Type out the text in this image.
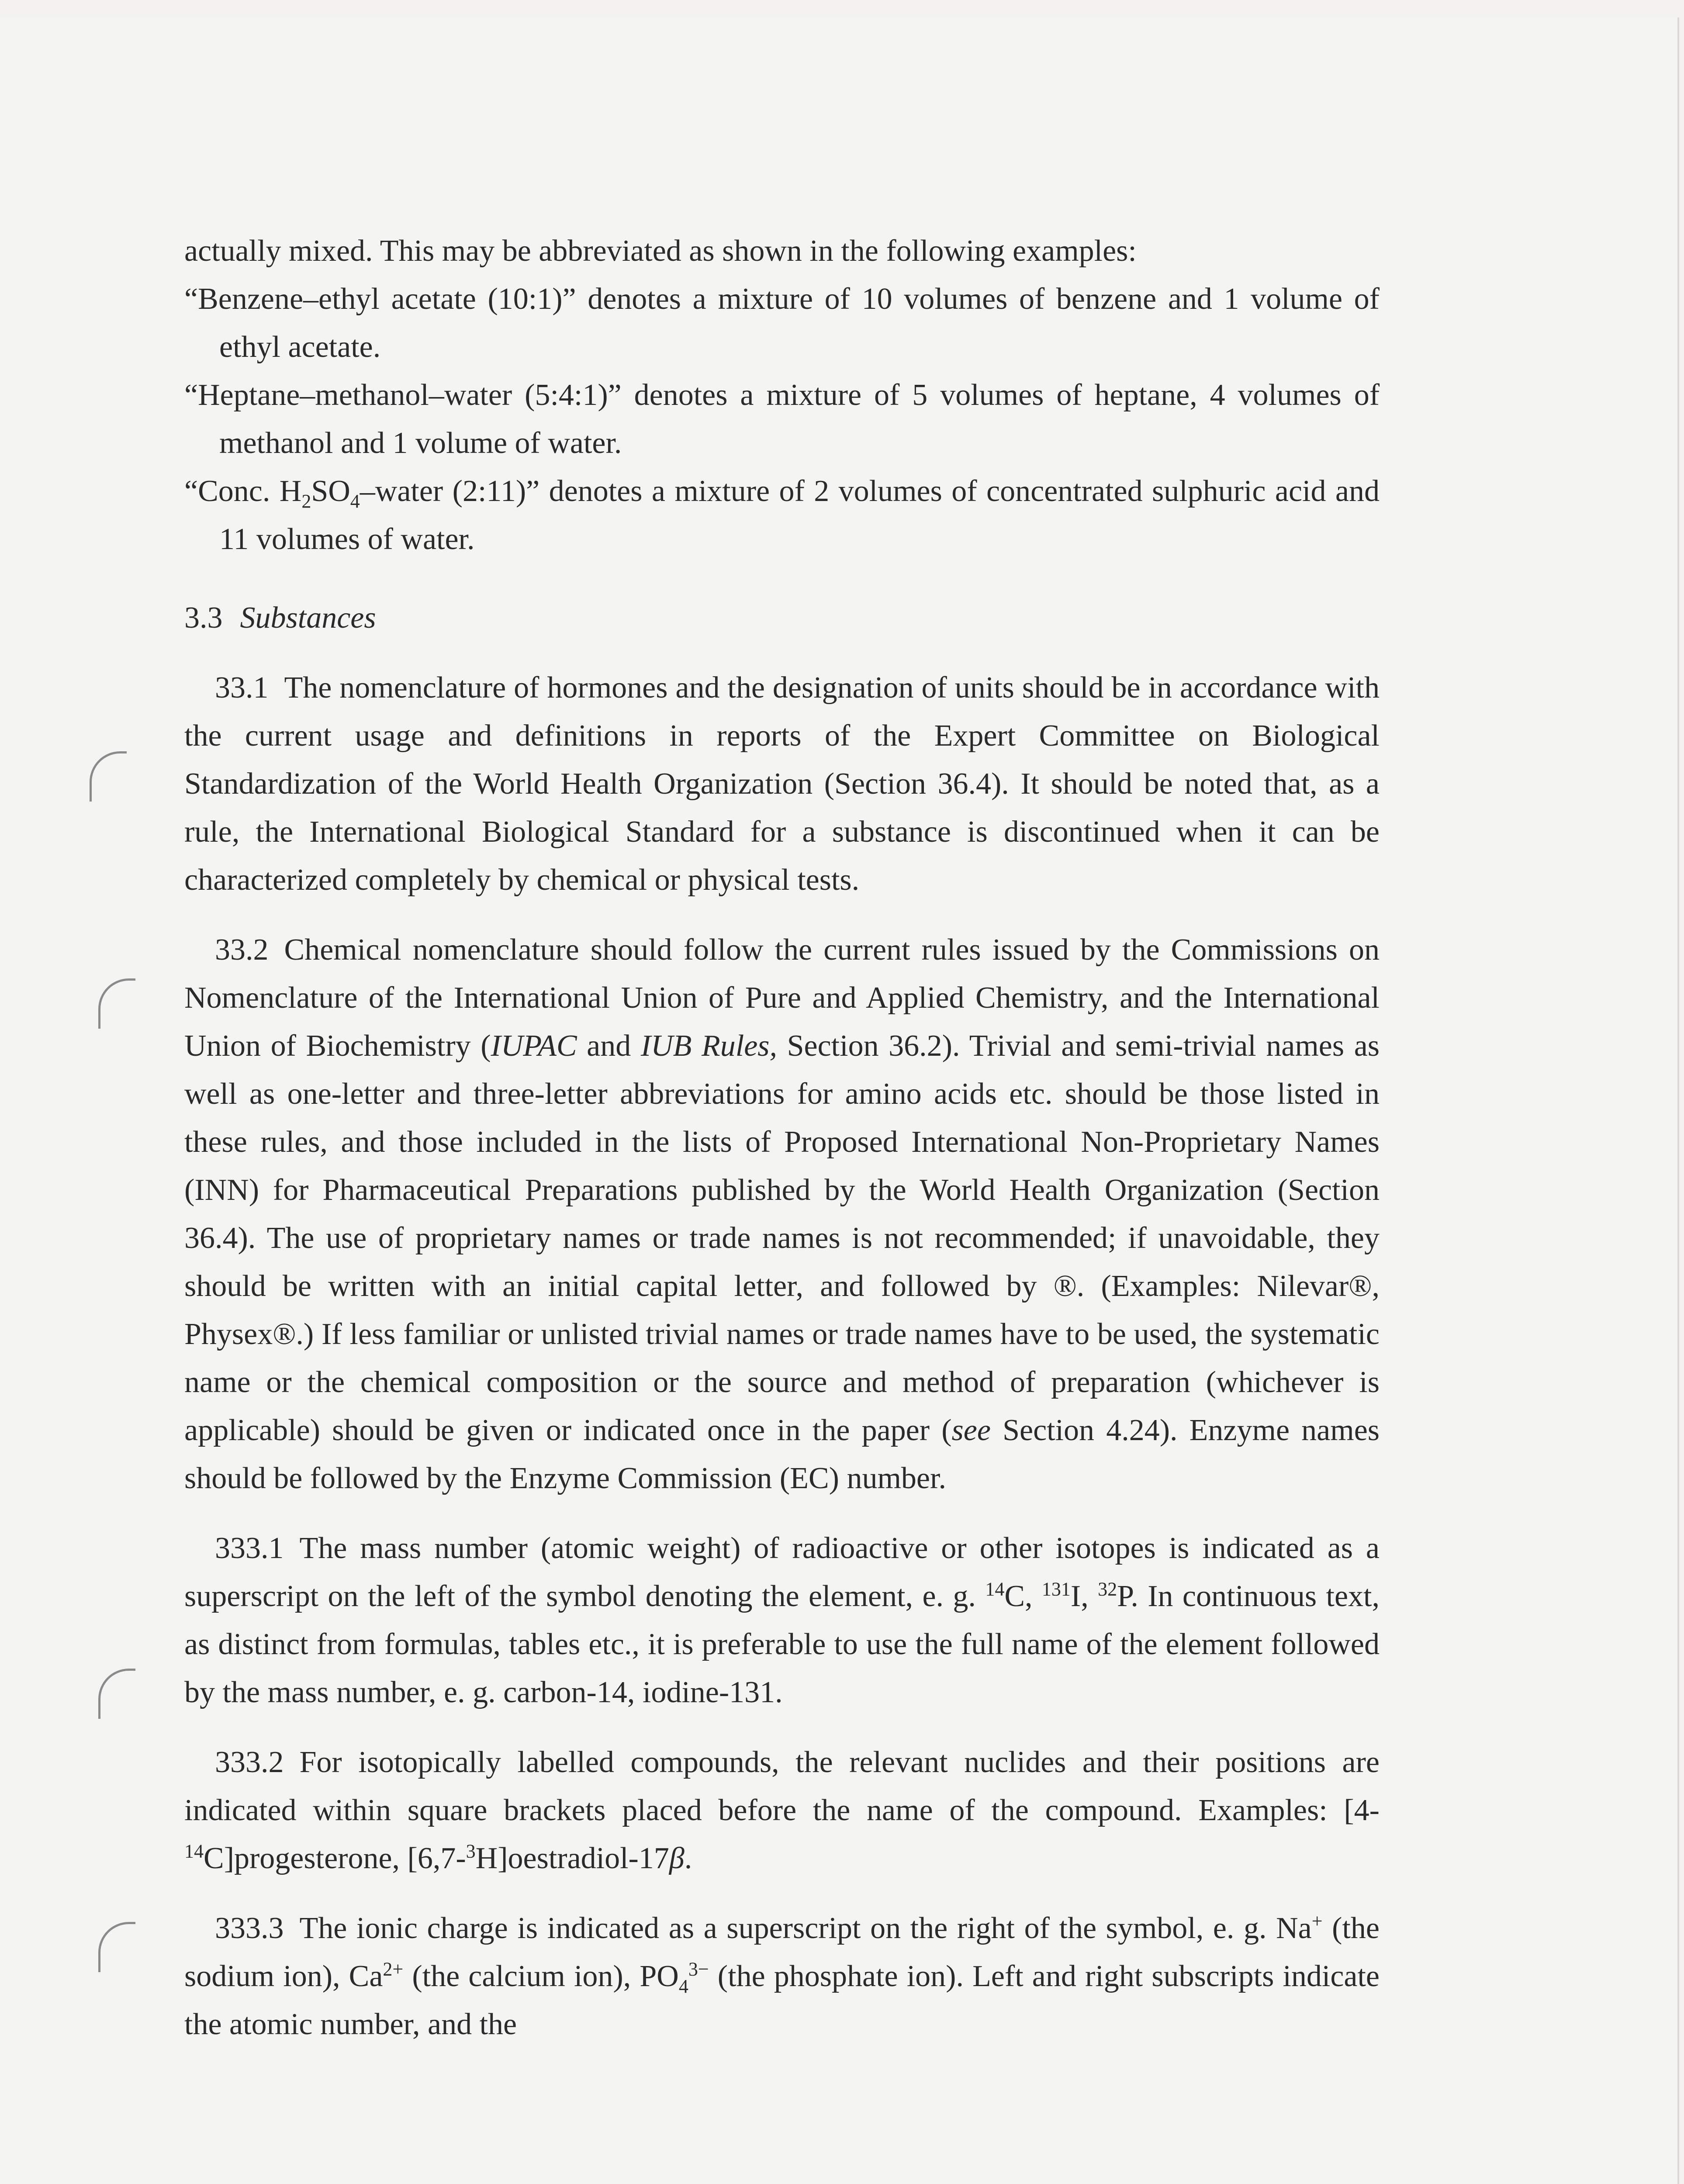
actually mixed. This may be abbreviated as shown in the following examples:

“Benzene–ethyl acetate (10:1)” denotes a mixture of 10 volumes of benzene and 1 volume of ethyl acetate.

“Heptane–methanol–water (5:4:1)” denotes a mixture of 5 volumes of heptane, 4 volumes of methanol and 1 volume of water.

“Conc. $H_2SO_4$–water (2:11)” denotes a mixture of 2 volumes of concentrated sulphuric acid and 11 volumes of water.

3.3 Substances

33.1 The nomenclature of hormones and the designation of units should be in accordance with the current usage and definitions in reports of the Expert Committee on Biological Standardization of the World Health Organization (Section 36.4). It should be noted that, as a rule, the International Biological Standard for a substance is discontinued when it can be characterized completely by chemical or physical tests.

33.2 Chemical nomenclature should follow the current rules issued by the Commissions on Nomenclature of the International Union of Pure and Applied Chemistry, and the International Union of Biochemistry (IUPAC and IUB Rules, Section 36.2). Trivial and semi-trivial names as well as one-letter and three-letter abbreviations for amino acids etc. should be those listed in these rules, and those included in the lists of Proposed International Non-Proprietary Names (INN) for Pharmaceutical Preparations published by the World Health Organization (Section 36.4). The use of proprietary names or trade names is not recommended; if unavoidable, they should be written with an initial capital letter, and followed by ®. (Examples: Nilevar®, Physex®.) If less familiar or unlisted trivial names or trade names have to be used, the systematic name or the chemical composition or the source and method of preparation (whichever is applicable) should be given or indicated once in the paper (see Section 4.24). Enzyme names should be followed by the Enzyme Commission (EC) number.

333.1 The mass number (atomic weight) of radioactive or other isotopes is indicated as a superscript on the left of the symbol denoting the element, e. g. $^{14}$C, $^{131}$I, $^{32}$P. In continuous text, as distinct from formulas, tables etc., it is preferable to use the full name of the element followed by the mass number, e. g. carbon-14, iodine-131.

333.2 For isotopically labelled compounds, the relevant nuclides and their positions are indicated within square brackets placed before the name of the compound. Examples: [4-$^{14}$C]progesterone, [6,7-$^3$H]oestradiol-17β.

333.3 The ionic charge is indicated as a superscript on the right of the symbol, e. g. Na+ (the sodium ion), $Ca^{2+}$ (the calcium ion), $PO_4^{3-}$ (the phosphate ion). Left and right subscripts indicate the atomic number, and the
